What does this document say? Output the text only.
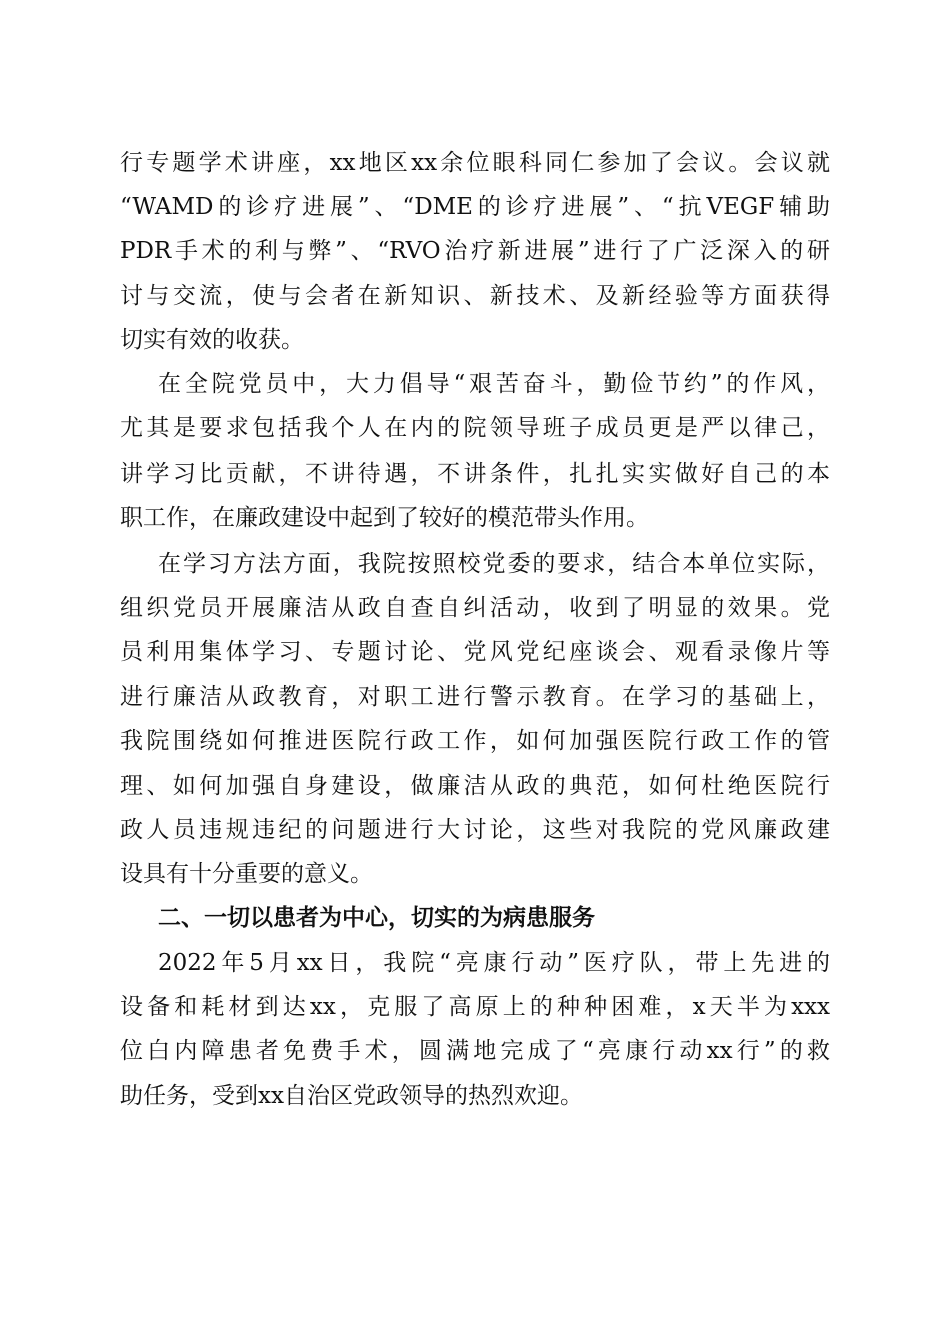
行专题学术讲座，xx地区xx余位眼科同仁参加了会议。会议就
“WAMD的诊疗进展”、“DME的诊疗进展”、“抗VEGF辅助
PDR手术的利与弊”、“RVO治疗新进展”进行了广泛深入的研
讨与交流，使与会者在新知识、新技术、及新经验等方面获得
切实有效的收获。
在全院党员中，大力倡导“艰苦奋斗，勤俭节约”的作风，
尤其是要求包括我个人在内的院领导班子成员更是严以律己，
讲学习比贡献，不讲待遇，不讲条件，扎扎实实做好自己的本
职工作，在廉政建设中起到了较好的模范带头作用。
在学习方法方面，我院按照校党委的要求，结合本单位实际，
组织党员开展廉洁从政自查自纠活动，收到了明显的效果。党
员利用集体学习、专题讨论、党风党纪座谈会、观看录像片等
进行廉洁从政教育，对职工进行警示教育。在学习的基础上，
我院围绕如何推进医院行政工作，如何加强医院行政工作的管
理、如何加强自身建设，做廉洁从政的典范，如何杜绝医院行
政人员违规违纪的问题进行大讨论，这些对我院的党风廉政建
设具有十分重要的意义。
二、一切以患者为中心，切实的为病患服务
2022年5月xx日，我院“亮康行动”医疗队，带上先进的
设备和耗材到达xx，克服了高原上的种种困难，x天半为xxx
位白内障患者免费手术，圆满地完成了“亮康行动xx行”的救
助任务，受到xx自治区党政领导的热烈欢迎。
